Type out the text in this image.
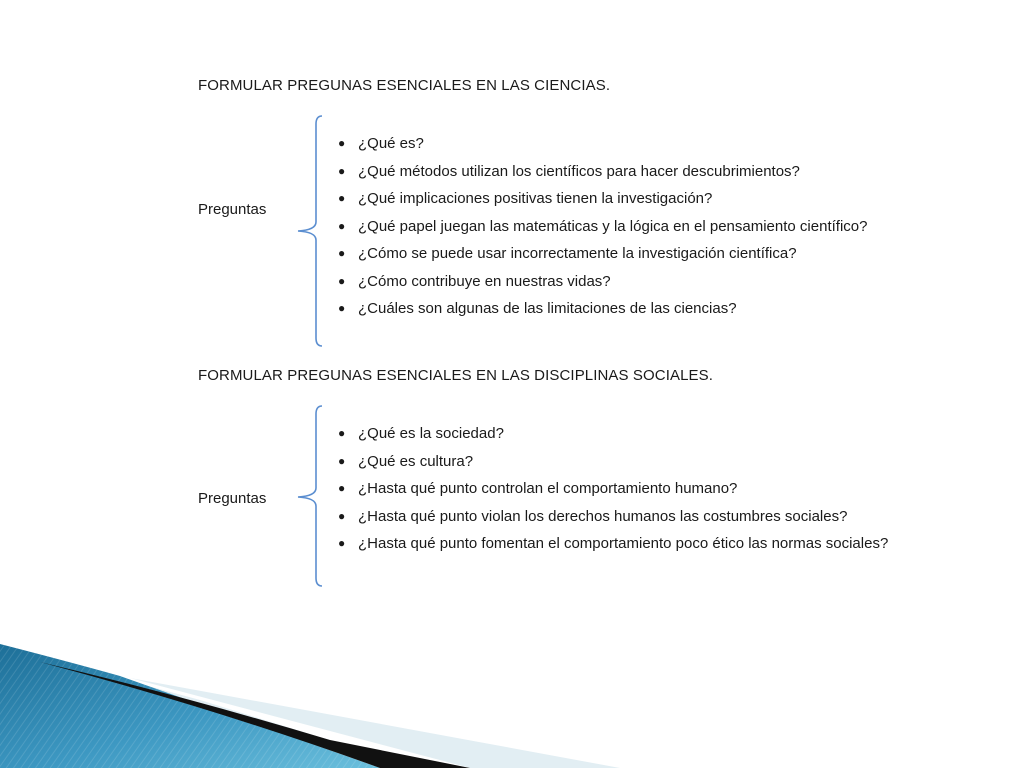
FORMULAR PREGUNAS ESENCIALES EN LAS CIENCIAS.
Preguntas
● ¿Qué es?
● ¿Qué métodos utilizan los científicos para hacer descubrimientos?
● ¿Qué implicaciones positivas tienen la investigación?
● ¿Qué papel juegan las matemáticas y la lógica en el pensamiento científico?
● ¿Cómo se puede usar incorrectamente la investigación científica?
● ¿Cómo contribuye en nuestras vidas?
● ¿Cuáles son algunas de las limitaciones de las ciencias?
FORMULAR PREGUNAS ESENCIALES EN LAS DISCIPLINAS SOCIALES.
Preguntas
● ¿Qué es la sociedad?
● ¿Qué es cultura?
● ¿Hasta qué punto controlan el comportamiento humano?
● ¿Hasta qué punto violan los derechos humanos las costumbres sociales?
● ¿Hasta qué punto fomentan el comportamiento poco ético las normas sociales?
